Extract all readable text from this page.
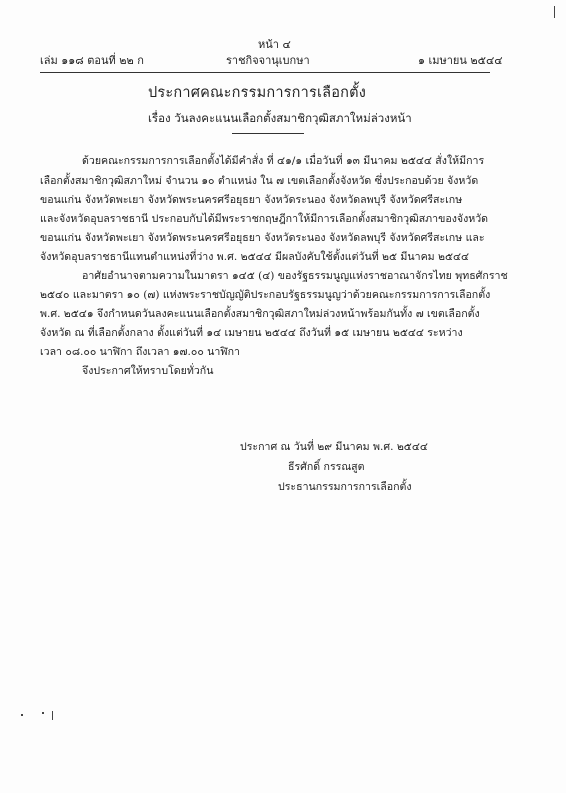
หน้า ๔
เล่ม ๑๑๘ ตอนที่ ๒๒ ก	ราชกิจจานุเบกษา	๑ เมษายน ๒๕๔๔
ประกาศคณะกรรมการการเลือกตั้ง
เรื่อง วันลงคะแนนเลือกตั้งสมาชิกวุฒิสภาใหม่ล่วงหน้า
ด้วยคณะกรรมการการเลือกตั้งได้มีคำสั่ง ที่ ๔๑/๑ เมื่อวันที่ ๑๓ มีนาคม ๒๕๔๔ สั่งให้มีการ
เลือกตั้งสมาชิกวุฒิสภาใหม่ จำนวน ๑๐ ตำแหน่ง ใน ๗ เขตเลือกตั้งจังหวัด ซึ่งประกอบด้วย จังหวัด
ขอนแก่น จังหวัดพะเยา จังหวัดพระนครศรีอยุธยา จังหวัดระนอง จังหวัดลพบุรี จังหวัดศรีสะเกษ
และจังหวัดอุบลราชธานี ประกอบกับได้มีพระราชกฤษฎีกาให้มีการเลือกตั้งสมาชิกวุฒิสภาของจังหวัด
ขอนแก่น จังหวัดพะเยา จังหวัดพระนครศรีอยุธยา จังหวัดระนอง จังหวัดลพบุรี จังหวัดศรีสะเกษ และ
จังหวัดอุบลราชธานีแทนตำแหน่งที่ว่าง พ.ศ. ๒๕๔๔ มีผลบังคับใช้ตั้งแต่วันที่ ๒๕ มีนาคม ๒๕๔๔
อาศัยอำนาจตามความในมาตรา ๑๔๕ (๔) ของรัฐธรรมนูญแห่งราชอาณาจักรไทย พุทธศักราช
๒๕๔๐ และมาตรา ๑๐ (๗) แห่งพระราชบัญญัติประกอบรัฐธรรมนูญว่าด้วยคณะกรรมการการเลือกตั้ง
พ.ศ. ๒๕๔๑ จึงกำหนดวันลงคะแนนเลือกตั้งสมาชิกวุฒิสภาใหม่ล่วงหน้าพร้อมกันทั้ง ๗ เขตเลือกตั้ง
จังหวัด ณ ที่เลือกตั้งกลาง ตั้งแต่วันที่ ๑๔ เมษายน ๒๕๔๔ ถึงวันที่ ๑๕ เมษายน ๒๕๔๔ ระหว่าง
เวลา ๐๘.๐๐ นาฬิกา ถึงเวลา ๑๗.๐๐ นาฬิกา
จึงประกาศให้ทราบโดยทั่วกัน
ประกาศ ณ วันที่ ๒๙ มีนาคม พ.ศ. ๒๕๔๔
ธีรศักดิ์ กรรณสูต
ประธานกรรมการการเลือกตั้ง
